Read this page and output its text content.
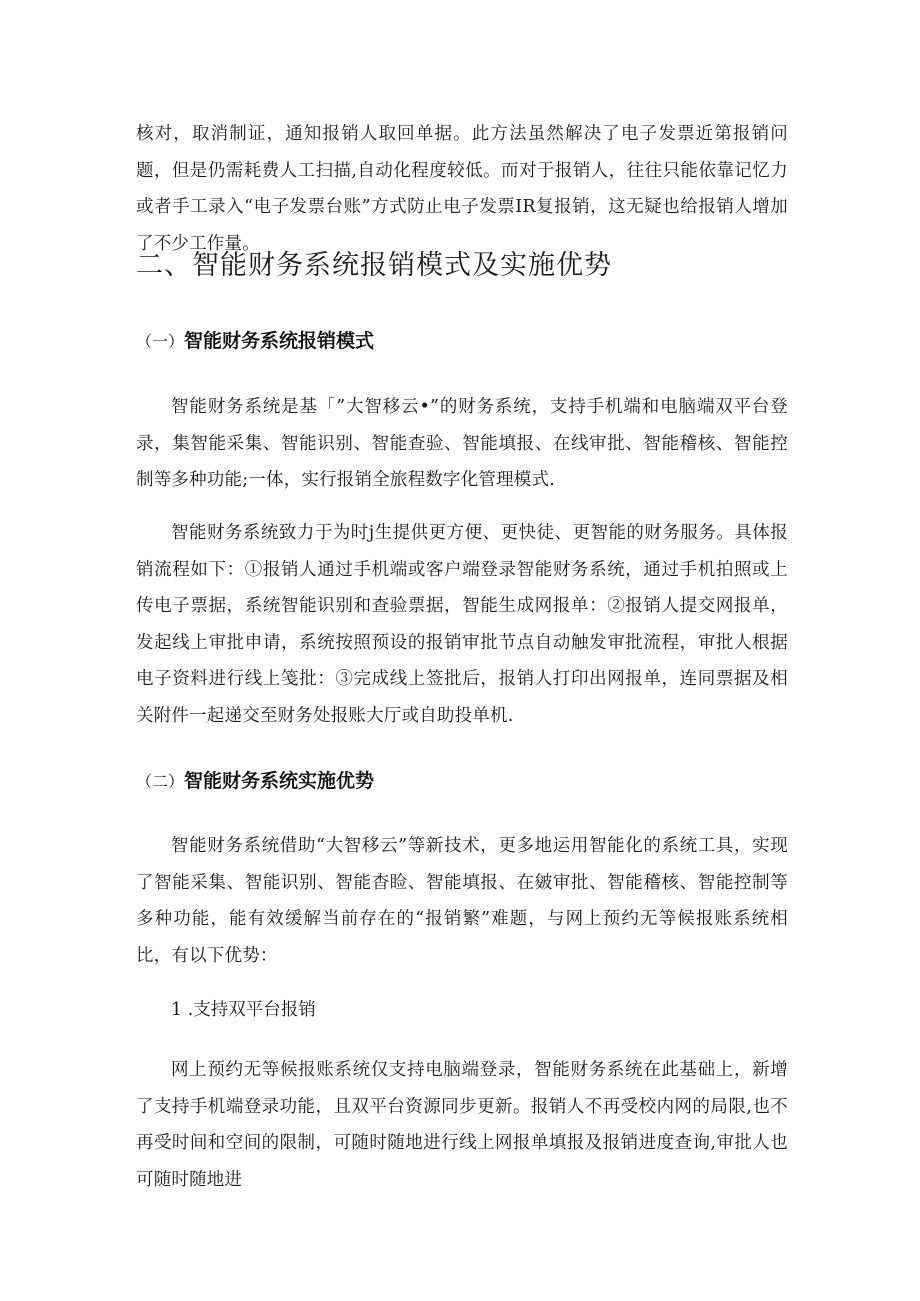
核对，取消制证，通知报销人取回单据。此方法虽然解决了电子发票近第报销问题，但是仍需耗费人工扫描,自动化程度较低。而对于报销人，往往只能依靠记忆力或者手工录入“电子发票台账”方式防止电子发票IR复报销，这无疑也给报销人增加了不少工作量。

二、智能财务系统报销模式及实施优势
（一）智能财务系统报销模式

智能财务系统是基「”大智移云•”的财务系统，支持手机端和电脑端双平台登录，集智能采集、智能识别、智能查验、智能填报、在线审批、智能稽核、智能控制等多种功能;一体，实行报销全旅程数字化管理模式.

智能财务系统致力于为时j生提供更方便、更快徒、更智能的财务服务。具体报销流程如下：①报销人通过手机端或客户端登录智能财务系统，通过手机拍照或上传电子票据，系统智能识别和查验票据，智能生成网报单：②报销人提交网报单，发起线上审批申请，系统按照预设的报销审批节点自动触发审批流程，审批人根据电子资料进行线上笺批：③完成线上签批后，报销人打印出网报单，连同票据及相关附件一起递交至财务处报账大厅或自助投单机.

（二）智能财务系统实施优势

智能财务系统借助“大智移云”等新技术，更多地运用智能化的系统工具，实现了智能采集、智能识别、智能杳睑、智能填报、在皴审批、智能稽核、智能控制等多种功能，能有效缓解当前存在的“报销繁”难题，与网上预约无等候报账系统相比，有以下优势：

1 .支持双平台报销

网上预约无等候报账系统仅支持电脑端登录，智能财务系统在此基础上，新增了支持手机端登录功能，且双平台资源同步更新。报销人不再受校内网的局限,也不再受时间和空间的限制，可随时随地进行线上网报单填报及报销进度查询,审批人也可随时随地进
